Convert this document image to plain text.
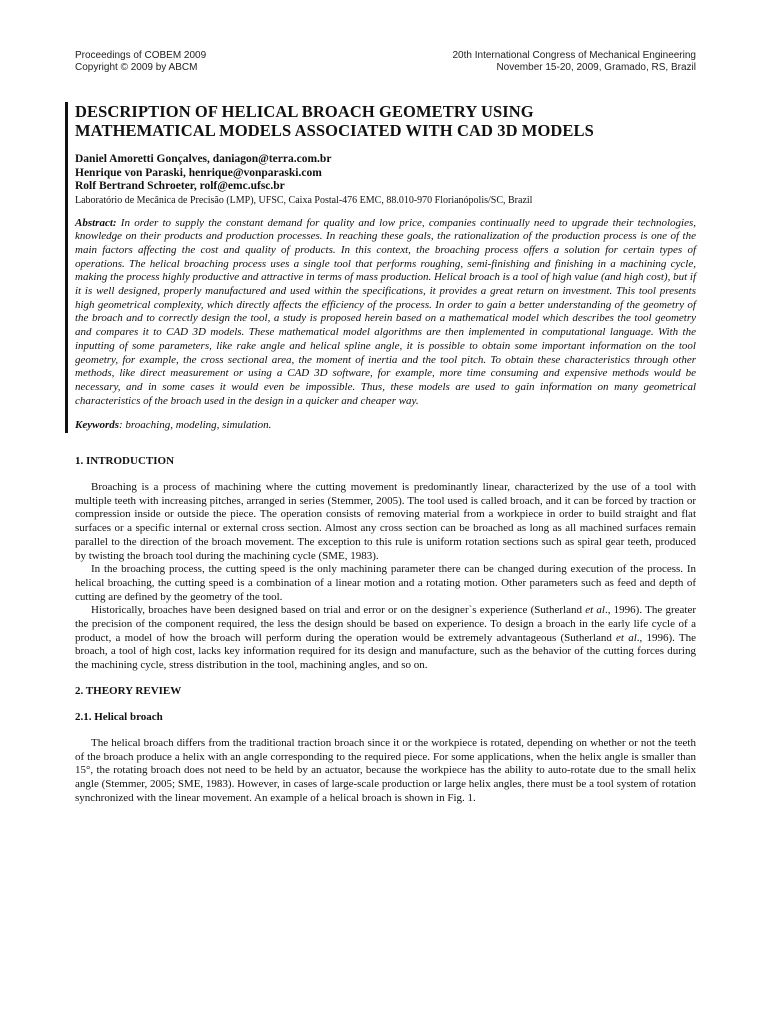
Proceedings of COBEM 2009
Copyright © 2009 by ABCM
20th International Congress of Mechanical Engineering
November 15-20, 2009, Gramado, RS, Brazil
DESCRIPTION OF HELICAL BROACH GEOMETRY USING
MATHEMATICAL MODELS ASSOCIATED WITH CAD 3D MODELS
Daniel Amoretti Gonçalves, daniagon@terra.com.br
Henrique von Paraski, henrique@vonparaski.com
Rolf Bertrand Schroeter, rolf@emc.ufsc.br
Laboratório de Mecânica de Precisão (LMP), UFSC, Caixa Postal-476 EMC, 88.010-970 Florianópolis/SC, Brazil

Abstract: In order to supply the constant demand for quality and low price, companies continually need to upgrade their technologies, knowledge on their products and production processes. In reaching these goals, the rationalization of the production process is one of the main factors affecting the cost and quality of products. In this context, the broaching process offers a solution for certain types of operations. The helical broaching process uses a single tool that performs roughing, semi-finishing and finishing in a machining cycle, making the process highly productive and attractive in terms of mass production. Helical broach is a tool of high value (and high cost), but if it is well designed, properly manufactured and used within the specifications, it provides a great return on investment. This tool presents high geometrical complexity, which directly affects the efficiency of the process. In order to gain a better understanding of the geometry of the broach and to correctly design the tool, a study is proposed herein based on a mathematical model which describes the tool geometry and compares it to CAD 3D models. These mathematical model algorithms are then implemented in computational language. With the inputting of some parameters, like rake angle and helical spline angle, it is possible to obtain some important information on the tool geometry, for example, the cross sectional area, the moment of inertia and the tool pitch. To obtain these characteristics through other methods, like direct measurement or using a CAD 3D software, for example, more time consuming and expensive methods would be necessary, and in some cases it would even be impossible. Thus, these models are used to gain information on many geometrical characteristics of the broach used in the design in a quicker and cheaper way.

Keywords: broaching, modeling, simulation.

1. INTRODUCTION

Broaching is a process of machining where the cutting movement is predominantly linear, characterized by the use of a tool with multiple teeth with increasing pitches, arranged in series (Stemmer, 2005). The tool used is called broach, and it can be forced by traction or compression inside or outside the piece. The operation consists of removing material from a workpiece in order to build straight and flat surfaces or a specific internal or external cross section. Almost any cross section can be broached as long as all machined surfaces remain parallel to the direction of the broach movement. The exception to this rule is uniform rotation sections such as spiral gear teeth, produced by twisting the broach tool during the machining cycle (SME, 1983).

In the broaching process, the cutting speed is the only machining parameter there can be changed during execution of the process. In helical broaching, the cutting speed is a combination of a linear motion and a rotating motion. Other parameters such as feed and depth of cutting are defined by the geometry of the tool.

Historically, broaches have been designed based on trial and error or on the designer`s experience (Sutherland et al., 1996). The greater the precision of the component required, the less the design should be based on experience. To design a broach in the early life cycle of a product, a model of how the broach will perform during the operation would be extremely advantageous (Sutherland et al., 1996). The broach, a tool of high cost, lacks key information required for its design and manufacture, such as the behavior of the cutting forces during the machining cycle, stress distribution in the tool, machining angles, and so on.

2. THEORY REVIEW
2.1. Helical broach

The helical broach differs from the traditional traction broach since it or the workpiece is rotated, depending on whether or not the teeth of the broach produce a helix with an angle corresponding to the required piece. For some applications, when the helix angle is smaller than 15°, the rotating broach does not need to be held by an actuator, because the workpiece has the ability to auto-rotate due to the small helix angle (Stemmer, 2005; SME, 1983). However, in cases of large-scale production or large helix angles, there must be a tool system of rotation synchronized with the linear movement. An example of a helical broach is shown in Fig. 1.
